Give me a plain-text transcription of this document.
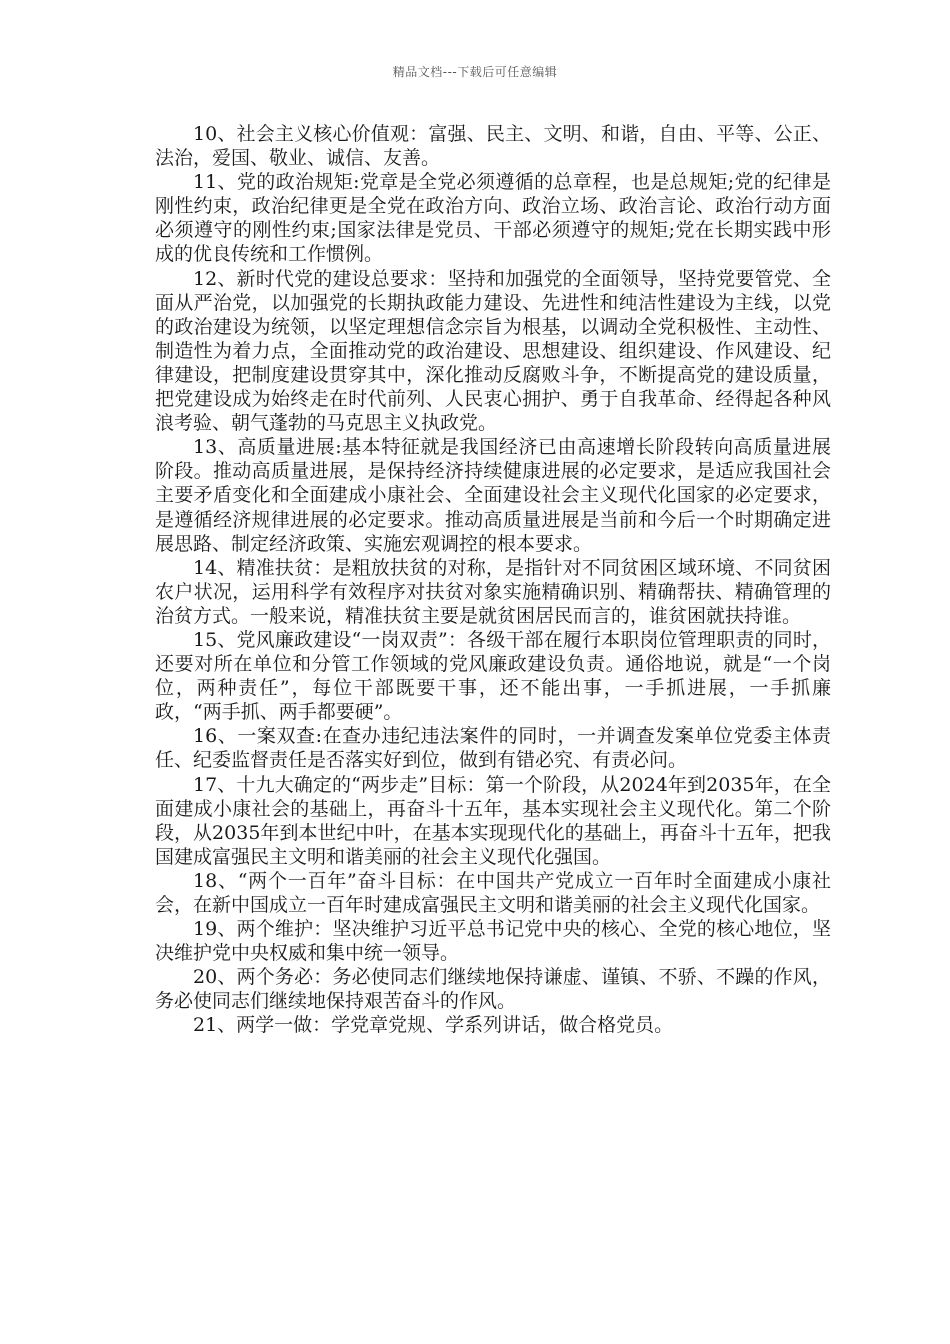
精品文档---下载后可任意编辑

10、社会主义核心价值观：富强、民主、文明、和谐，自由、平等、公正、法治，爱国、敬业、诚信、友善。

11、党的政治规矩:党章是全党必须遵循的总章程，也是总规矩;党的纪律是刚性约束，政治纪律更是全党在政治方向、政治立场、政治言论、政治行动方面必须遵守的刚性约束;国家法律是党员、干部必须遵守的规矩;党在长期实践中形成的优良传统和工作惯例。

12、新时代党的建设总要求：坚持和加强党的全面领导，坚持党要管党、全面从严治党，以加强党的长期执政能力建设、先进性和纯洁性建设为主线，以党的政治建设为统领，以坚定理想信念宗旨为根基，以调动全党积极性、主动性、制造性为着力点，全面推动党的政治建设、思想建设、组织建设、作风建设、纪律建设，把制度建设贯穿其中，深化推动反腐败斗争，不断提高党的建设质量，把党建设成为始终走在时代前列、人民衷心拥护、勇于自我革命、经得起各种风浪考验、朝气蓬勃的马克思主义执政党。

13、高质量进展:基本特征就是我国经济已由高速增长阶段转向高质量进展阶段。推动高质量进展，是保持经济持续健康进展的必定要求，是适应我国社会主要矛盾变化和全面建成小康社会、全面建设社会主义现代化国家的必定要求，是遵循经济规律进展的必定要求。推动高质量进展是当前和今后一个时期确定进展思路、制定经济政策、实施宏观调控的根本要求。

14、精准扶贫：是粗放扶贫的对称，是指针对不同贫困区域环境、不同贫困农户状况，运用科学有效程序对扶贫对象实施精确识别、精确帮扶、精确管理的治贫方式。一般来说，精准扶贫主要是就贫困居民而言的，谁贫困就扶持谁。

15、党风廉政建设“一岗双责”：各级干部在履行本职岗位管理职责的同时，还要对所在单位和分管工作领域的党风廉政建设负责。通俗地说，就是“一个岗位，两种责任”，每位干部既要干事，还不能出事，一手抓进展，一手抓廉政，“两手抓、两手都要硬”。

16、一案双查:在查办违纪违法案件的同时，一并调查发案单位党委主体责任、纪委监督责任是否落实好到位，做到有错必究、有责必问。

17、十九大确定的“两步走”目标：第一个阶段，从2024年到2035年，在全面建成小康社会的基础上，再奋斗十五年，基本实现社会主义现代化。第二个阶段，从2035年到本世纪中叶，在基本实现现代化的基础上，再奋斗十五年，把我国建成富强民主文明和谐美丽的社会主义现代化强国。

18、“两个一百年”奋斗目标：在中国共产党成立一百年时全面建成小康社会，在新中国成立一百年时建成富强民主文明和谐美丽的社会主义现代化国家。

19、两个维护：坚决维护习近平总书记党中央的核心、全党的核心地位，坚决维护党中央权威和集中统一领导。

20、两个务必：务必使同志们继续地保持谦虚、谨镇、不骄、不躁的作风，务必使同志们继续地保持艰苦奋斗的作风。

21、两学一做：学党章党规、学系列讲话，做合格党员。
